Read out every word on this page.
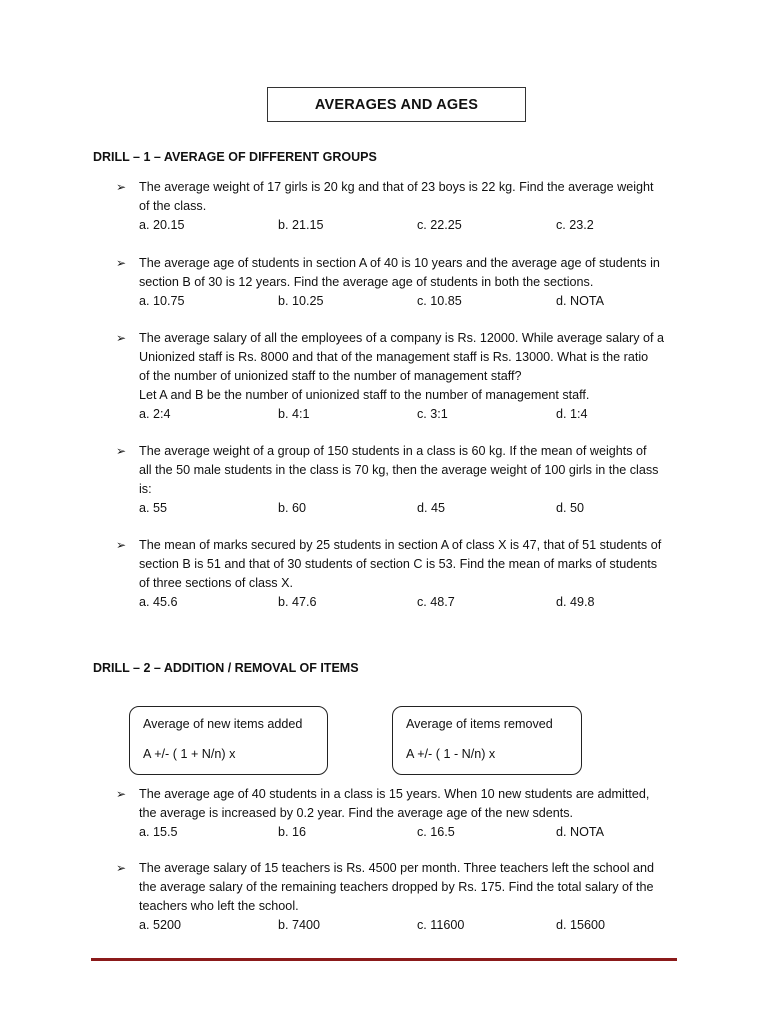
AVERAGES AND AGES
DRILL – 1 – AVERAGE OF DIFFERENT GROUPS
➢	The average weight of 17 girls is 20 kg and that of 23 boys is 22 kg. Find the average weight
of the class.
a. 20.15	b. 21.15	c. 22.25	c. 23.2
➢	The average age of students in section A of 40 is 10 years and the average age of students in
section B of 30 is 12 years. Find the average age of students in both the sections.
a. 10.75	b. 10.25	c. 10.85	d. NOTA
➢	The average salary of all the employees of a company is Rs. 12000. While average salary of a
Unionized staff is Rs. 8000 and that of the management staff is Rs. 13000. What is the ratio
of the number of unionized staff to the number of management staff?
Let A and B be the number of unionized staff to the number of management staff.
a. 2:4	b. 4:1	c. 3:1	d. 1:4
➢	The average weight of a group of 150 students in a class is 60 kg. If the mean of weights of
all the 50 male students in the class is 70 kg, then the average weight of 100 girls in the class
is:
a. 55	b. 60	d. 45	d. 50
➢	The mean of marks secured by 25 students in section A of class X is 47, that of 51 students of
section B is 51 and that of 30 students of section C is 53. Find the mean of marks of students
of three sections of class X.
a. 45.6	b. 47.6	c. 48.7	d. 49.8
DRILL – 2 – ADDITION / REMOVAL OF ITEMS
Average of new items added
A +/- ( 1 + N/n) x
Average of items removed
A +/- ( 1 - N/n) x
➢	The average age of 40 students in a class is 15 years. When 10 new students are admitted,
the average is increased by 0.2 year. Find the average age of the new sdents.
a. 15.5	b. 16	c. 16.5	d. NOTA
➢	The average salary of 15 teachers is Rs. 4500 per month. Three teachers left the school and
the average salary of the remaining teachers dropped by Rs. 175. Find the total salary of the
teachers who left the school.
a. 5200	b. 7400	c. 11600	d. 15600
